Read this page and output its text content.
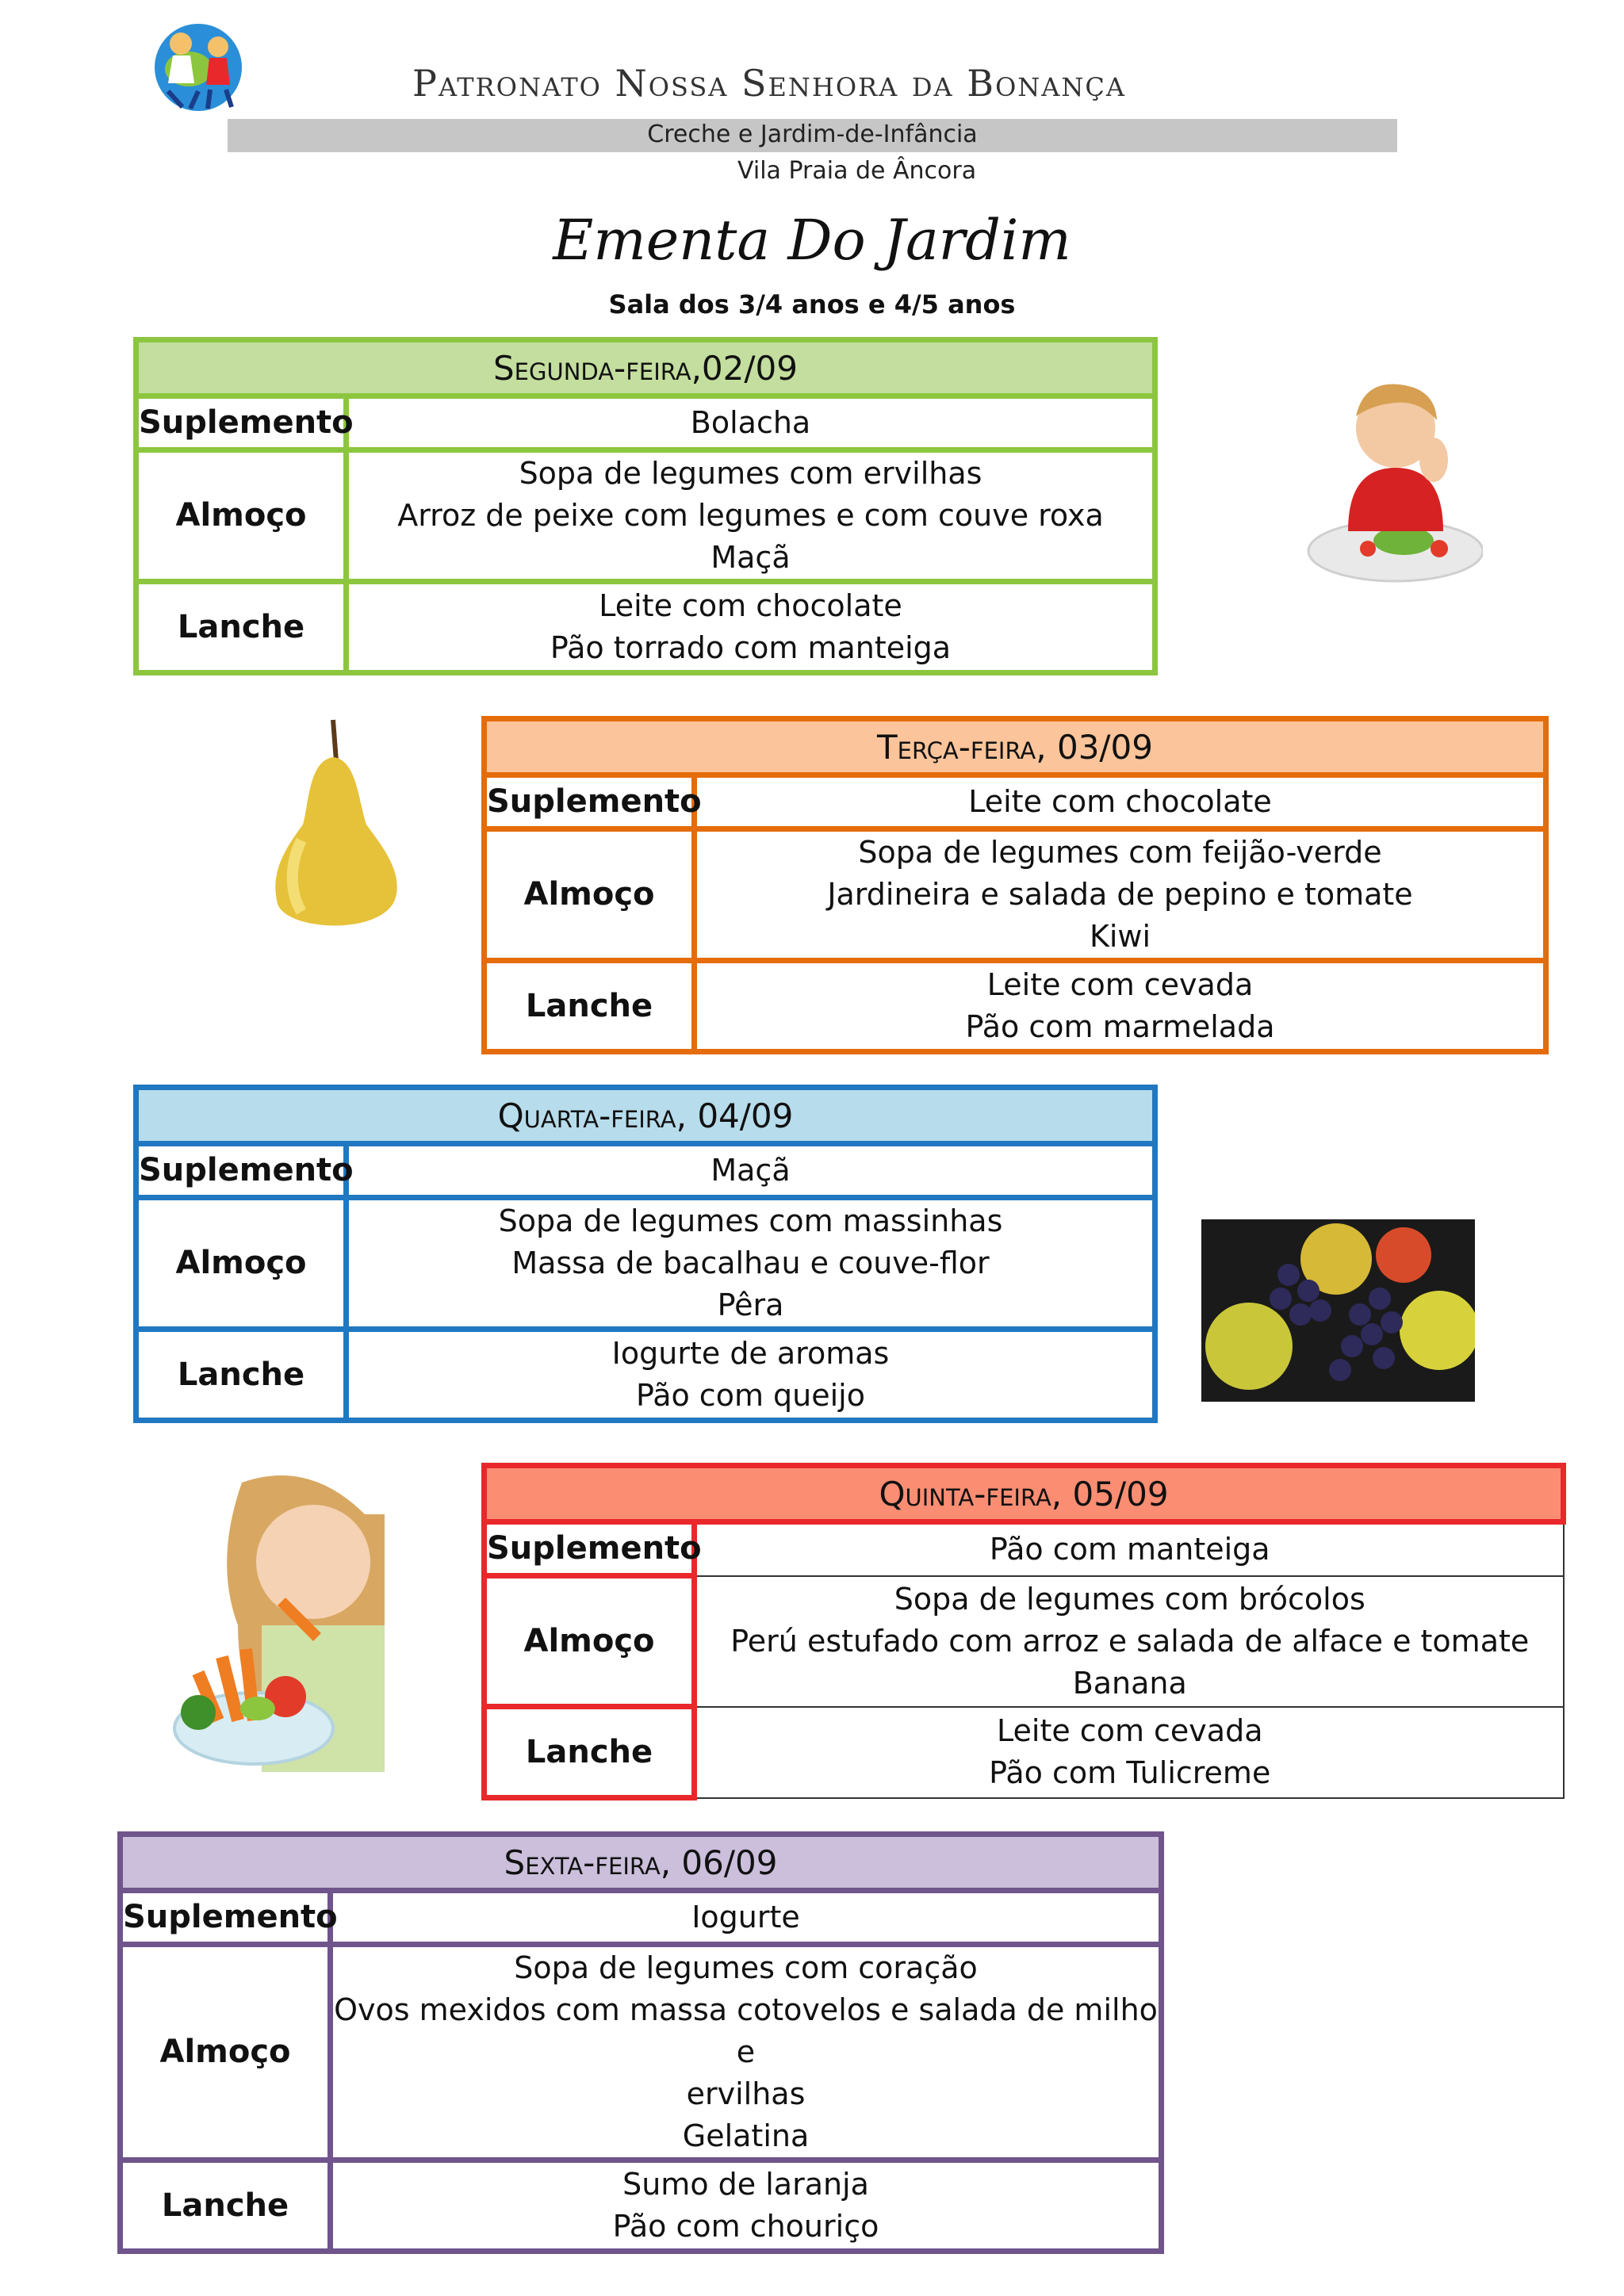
Patronato Nossa Senhora da Bonança
Creche e Jardim-de-Infância
Vila Praia de Âncora
Ementa Do Jardim
Sala dos 3/4 anos e 4/5 anos
Segunda-feira,02/09	
Suplemento	Bolacha
Almoço	Sopa de legumes com ervilhas
Arroz de peixe com legumes e com couve roxa
Maçã

Lanche	Leite com chocolate
Pão torrado com manteiga
Terça-feira, 03/09	
Suplemento	Leite com chocolate
Almoço	Sopa de legumes com feijão-verde
Jardineira e salada de pepino e tomate
Kiwi

Lanche	Leite com cevada
Pão com marmelada
Quarta-feira, 04/09	
Suplemento	Maçã
Almoço	Sopa de legumes com massinhas
Massa de bacalhau e couve-flor
Pêra

Lanche	Iogurte de aromas
Pão com queijo
Quinta-feira, 05/09	
Suplemento	Pão com manteiga
Almoço	Sopa de legumes com brócolos
Perú estufado com arroz e salada de alface e tomate
Banana

Lanche	Leite com cevada
Pão com Tulicreme
Sexta-feira, 06/09	
Suplemento	Iogurte
Almoço	Sopa de legumes com coração
Ovos mexidos com massa cotovelos e salada de milho e
ervilhas
Gelatina

Lanche	Sumo de laranja
Pão com chouriço
